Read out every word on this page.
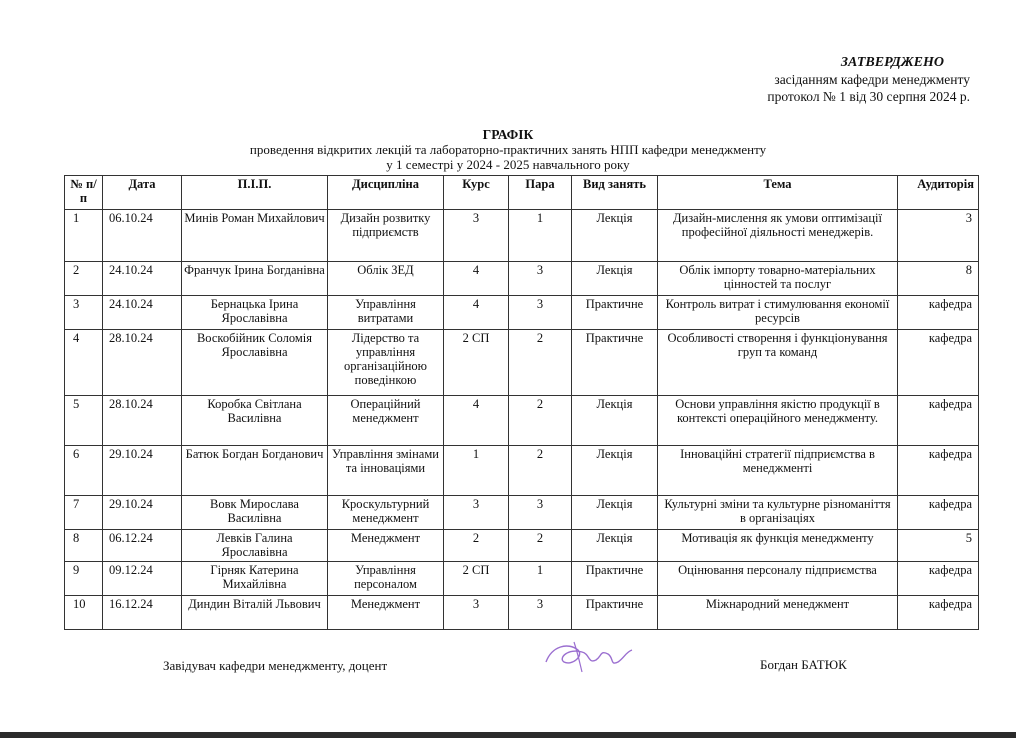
ЗАТВЕРДЖЕНО
засіданням кафедри менеджменту
протокол № 1 від 30 серпня 2024 р.
ГРАФІК
проведення відкритих лекцій та лабораторно-практичних занять НПП кафедри менеджменту
у 1 семестрі у 2024 - 2025 навчального року
№ п/п	Дата	П.І.П.	Дисципліна	Курс	Пара	Вид занять	Тема	Аудиторія
1	06.10.24	Минів Роман Михайлович	Дизайн розвитку підприємств	3	1	Лекція	Дизайн-мислення як умови оптимізації професійної діяльності менеджерів.	3
2	24.10.24	Франчук Ірина Богданівна	Облік ЗЕД	4	3	Лекція	Облік імпорту товарно-матеріальних цінностей та послуг	8
3	24.10.24	Бернацька Ірина Ярославівна	Управління витратами	4	3	Практичне	Контроль витрат і стимулювання економії ресурсів	кафедра
4	28.10.24	Воскобійник Соломія Ярославівна	Лідерство та управління організаційною поведінкою	2 СП	2	Практичне	Особливості створення і функціонування груп та команд	кафедра
5	28.10.24	Коробка Світлана Василівна	Операційний менеджмент	4	2	Лекція	Основи управління якістю продукції в контексті операційного менеджменту.	кафедра
6	29.10.24	Батюк Богдан Богданович	Управління змінами та інноваціями	1	2	Лекція	Інноваційні стратегії підприємства в менеджменті	кафедра
7	29.10.24	Вовк Мирослава Василівна	Кроскультурний менеджмент	3	3	Лекція	Культурні зміни та культурне різноманіття в організаціях	кафедра
8	06.12.24	Левків Галина Ярославівна	Менеджмент	2	2	Лекція	Мотивація як функція менеджменту	5
9	09.12.24	Гірняк Катерина Михайлівна	Управління персоналом	2 СП	1	Практичне	Оцінювання персоналу підприємства	кафедра
10	16.12.24	Диндин Віталій Львович	Менеджмент	3	3	Практичне	Міжнародний менеджмент	кафедра
Завідувач кафедри менеджменту, доцент	Богдан БАТЮК
